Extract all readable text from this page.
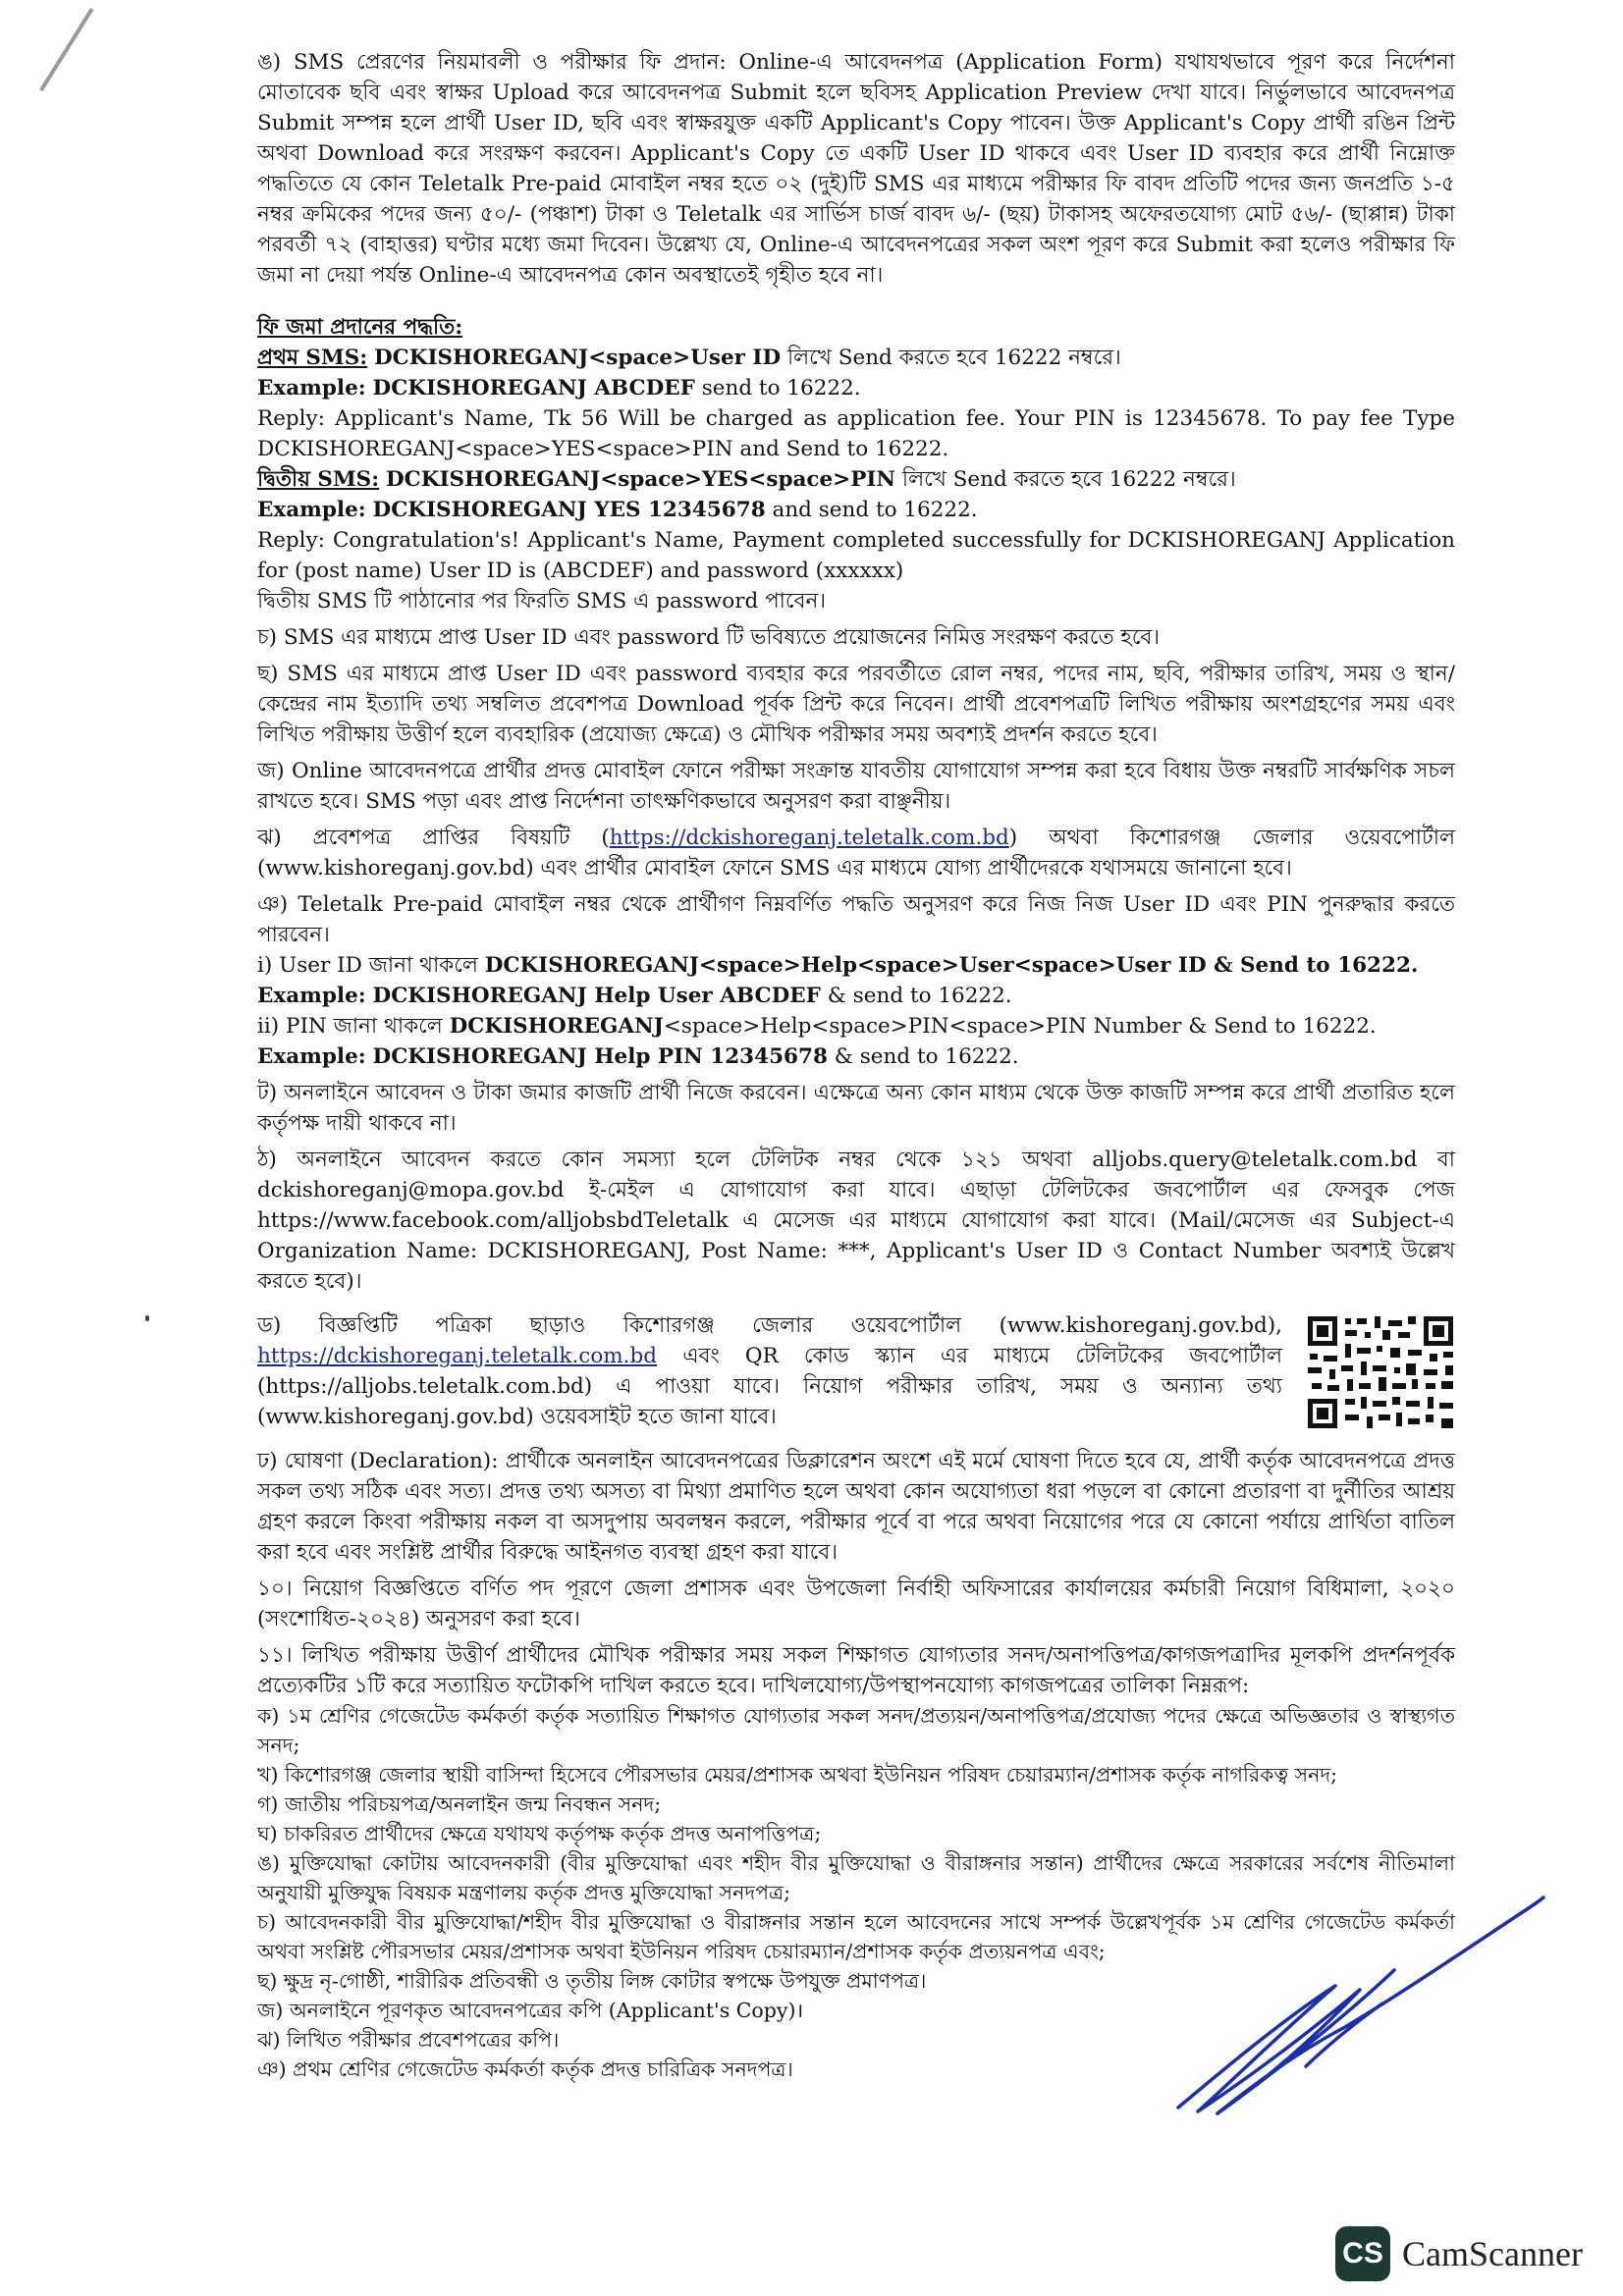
ঙ) SMS প্রেরণের নিয়মাবলী ও পরীক্ষার ফি প্রদান: Online-এ আবেদনপত্র (Application Form) যথাযথভাবে পূরণ করে নির্দেশনা মোতাবেক ছবি এবং স্বাক্ষর Upload করে আবেদনপত্র Submit হলে ছবিসহ Application Preview দেখা যাবে। নির্ভুলভাবে আবেদনপত্র Submit সম্পন্ন হলে প্রার্থী User ID, ছবি এবং স্বাক্ষরযুক্ত একটি Applicant's Copy পাবেন। উক্ত Applicant's Copy প্রার্থী রঙিন প্রিন্ট অথবা Download করে সংরক্ষণ করবেন। Applicant's Copy তে একটি User ID থাকবে এবং User ID ব্যবহার করে প্রার্থী নিম্নোক্ত পদ্ধতিতে যে কোন Teletalk Pre-paid মোবাইল নম্বর হতে ০২ (দুই)টি SMS এর মাধ্যমে পরীক্ষার ফি বাবদ প্রতিটি পদের জন্য জনপ্রতি ১-৫ নম্বর ক্রমিকের পদের জন্য ৫০/- (পঞ্চাশ) টাকা ও Teletalk এর সার্ভিস চার্জ বাবদ ৬/- (ছয়) টাকাসহ অফেরতযোগ্য মোট ৫৬/- (ছাপ্পান্ন) টাকা পরবর্তী ৭২ (বাহাত্তর) ঘণ্টার মধ্যে জমা দিবেন। উল্লেখ্য যে, Online-এ আবেদনপত্রের সকল অংশ পূরণ করে Submit করা হলেও পরীক্ষার ফি জমা না দেয়া পর্যন্ত Online-এ আবেদনপত্র কোন অবস্থাতেই গৃহীত হবে না।

ফি জমা প্রদানের পদ্ধতি:

প্রথম SMS: DCKISHOREGANJ<space>User ID লিখে Send করতে হবে 16222 নম্বরে।

Example: DCKISHOREGANJ ABCDEF send to 16222.

Reply: Applicant's Name, Tk 56 Will be charged as application fee. Your PIN is 12345678. To pay fee Type DCKISHOREGANJ<space>YES<space>PIN and Send to 16222.

দ্বিতীয় SMS: DCKISHOREGANJ<space>YES<space>PIN লিখে Send করতে হবে 16222 নম্বরে।

Example: DCKISHOREGANJ YES 12345678 and send to 16222.

Reply: Congratulation's! Applicant's Name, Payment completed successfully for DCKISHOREGANJ Application for (post name) User ID is (ABCDEF) and password (xxxxxx)

দ্বিতীয় SMS টি পাঠানোর পর ফিরতি SMS এ password পাবেন।

চ) SMS এর মাধ্যমে প্রাপ্ত User ID এবং password টি ভবিষ্যতে প্রয়োজনের নিমিত্ত সংরক্ষণ করতে হবে।

ছ) SMS এর মাধ্যমে প্রাপ্ত User ID এবং password ব্যবহার করে পরবর্তীতে রোল নম্বর, পদের নাম, ছবি, পরীক্ষার তারিখ, সময় ও স্থান/কেন্দ্রের নাম ইত্যাদি তথ্য সম্বলিত প্রবেশপত্র Download পূর্বক প্রিন্ট করে নিবেন। প্রার্থী প্রবেশপত্রটি লিখিত পরীক্ষায় অংশগ্রহণের সময় এবং লিখিত পরীক্ষায় উত্তীর্ণ হলে ব্যবহারিক (প্রযোজ্য ক্ষেত্রে) ও মৌখিক পরীক্ষার সময় অবশ্যই প্রদর্শন করতে হবে।

জ) Online আবেদনপত্রে প্রার্থীর প্রদত্ত মোবাইল ফোনে পরীক্ষা সংক্রান্ত যাবতীয় যোগাযোগ সম্পন্ন করা হবে বিধায় উক্ত নম্বরটি সার্বক্ষণিক সচল রাখতে হবে। SMS পড়া এবং প্রাপ্ত নির্দেশনা তাৎক্ষণিকভাবে অনুসরণ করা বাঞ্ছনীয়।

ঝ) প্রবেশপত্র প্রাপ্তির বিষয়টি (https://dckishoreganj.teletalk.com.bd) অথবা কিশোরগঞ্জ জেলার ওয়েবপোর্টাল (www.kishoreganj.gov.bd) এবং প্রার্থীর মোবাইল ফোনে SMS এর মাধ্যমে যোগ্য প্রার্থীদেরকে যথাসময়ে জানানো হবে।

ঞ) Teletalk Pre-paid মোবাইল নম্বর থেকে প্রার্থীগণ নিম্নবর্ণিত পদ্ধতি অনুসরণ করে নিজ নিজ User ID এবং PIN পুনরুদ্ধার করতে পারবেন।

i) User ID জানা থাকলে DCKISHOREGANJ<space>Help<space>User<space>User ID & Send to 16222.

Example: DCKISHOREGANJ Help User ABCDEF & send to 16222.

ii) PIN জানা থাকলে DCKISHOREGANJ<space>Help<space>PIN<space>PIN Number & Send to 16222.

Example: DCKISHOREGANJ Help PIN 12345678 & send to 16222.

ট) অনলাইনে আবেদন ও টাকা জমার কাজটি প্রার্থী নিজে করবেন। এক্ষেত্রে অন্য কোন মাধ্যম থেকে উক্ত কাজটি সম্পন্ন করে প্রার্থী প্রতারিত হলে কর্তৃপক্ষ দায়ী থাকবে না।

ঠ) অনলাইনে আবেদন করতে কোন সমস্যা হলে টেলিটক নম্বর থেকে ১২১ অথবা alljobs.query@teletalk.com.bd বা dckishoreganj@mopa.gov.bd ই-মেইল এ যোগাযোগ করা যাবে। এছাড়া টেলিটকের জবপোর্টাল এর ফেসবুক পেজ https://www.facebook.com/alljobsbdTeletalk এ মেসেজ এর মাধ্যমে যোগাযোগ করা যাবে। (Mail/মেসেজ এর Subject-এ Organization Name: DCKISHOREGANJ, Post Name: ***, Applicant's User ID ও Contact Number অবশ্যই উল্লেখ করতে হবে)।

ড) বিজ্ঞপ্তিটি পত্রিকা ছাড়াও কিশোরগঞ্জ জেলার ওয়েবপোর্টাল (www.kishoreganj.gov.bd), https://dckishoreganj.teletalk.com.bd এবং QR কোড স্ক্যান এর মাধ্যমে টেলিটকের জবপোর্টাল (https://alljobs.teletalk.com.bd) এ পাওয়া যাবে। নিয়োগ পরীক্ষার তারিখ, সময় ও অন্যান্য তথ্য (www.kishoreganj.gov.bd) ওয়েবসাইট হতে জানা যাবে।

ঢ) ঘোষণা (Declaration): প্রার্থীকে অনলাইন আবেদনপত্রের ডিক্লারেশন অংশে এই মর্মে ঘোষণা দিতে হবে যে, প্রার্থী কর্তৃক আবেদনপত্রে প্রদত্ত সকল তথ্য সঠিক এবং সত্য। প্রদত্ত তথ্য অসত্য বা মিথ্যা প্রমাণিত হলে অথবা কোন অযোগ্যতা ধরা পড়লে বা কোনো প্রতারণা বা দুর্নীতির আশ্রয় গ্রহণ করলে কিংবা পরীক্ষায় নকল বা অসদুপায় অবলম্বন করলে, পরীক্ষার পূর্বে বা পরে অথবা নিয়োগের পরে যে কোনো পর্যায়ে প্রার্থিতা বাতিল করা হবে এবং সংশ্লিষ্ট প্রার্থীর বিরুদ্ধে আইনগত ব্যবস্থা গ্রহণ করা যাবে।

১০। নিয়োগ বিজ্ঞপ্তিতে বর্ণিত পদ পূরণে জেলা প্রশাসক এবং উপজেলা নির্বাহী অফিসারের কার্যালয়ের কর্মচারী নিয়োগ বিধিমালা, ২০২০ (সংশোধিত-২০২৪) অনুসরণ করা হবে।

১১। লিখিত পরীক্ষায় উত্তীর্ণ প্রার্থীদের মৌখিক পরীক্ষার সময় সকল শিক্ষাগত যোগ্যতার সনদ/অনাপত্তিপত্র/কাগজপত্রাদির মূলকপি প্রদর্শনপূর্বক প্রত্যেকটির ১টি করে সত্যায়িত ফটোকপি দাখিল করতে হবে। দাখিলযোগ্য/উপস্থাপনযোগ্য কাগজপত্রের তালিকা নিম্নরূপ:

ক) ১ম শ্রেণির গেজেটেড কর্মকর্তা কর্তৃক সত্যায়িত শিক্ষাগত যোগ্যতার সকল সনদ/প্রত্যয়ন/অনাপত্তিপত্র/প্রযোজ্য পদের ক্ষেত্রে অভিজ্ঞতার ও স্বাস্থ্যগত সনদ;

খ) কিশোরগঞ্জ জেলার স্থায়ী বাসিন্দা হিসেবে পৌরসভার মেয়র/প্রশাসক অথবা ইউনিয়ন পরিষদ চেয়ারম্যান/প্রশাসক কর্তৃক নাগরিকত্ব সনদ;

গ) জাতীয় পরিচয়পত্র/অনলাইন জন্ম নিবন্ধন সনদ;

ঘ) চাকরিরত প্রার্থীদের ক্ষেত্রে যথাযথ কর্তৃপক্ষ কর্তৃক প্রদত্ত অনাপত্তিপত্র;

ঙ) মুক্তিযোদ্ধা কোটায় আবেদনকারী (বীর মুক্তিযোদ্ধা এবং শহীদ বীর মুক্তিযোদ্ধা ও বীরাঙ্গনার সন্তান) প্রার্থীদের ক্ষেত্রে সরকারের সর্বশেষ নীতিমালা অনুযায়ী মুক্তিযুদ্ধ বিষয়ক মন্ত্রণালয় কর্তৃক প্রদত্ত মুক্তিযোদ্ধা সনদপত্র;

চ) আবেদনকারী বীর মুক্তিযোদ্ধা/শহীদ বীর মুক্তিযোদ্ধা ও বীরাঙ্গনার সন্তান হলে আবেদনের সাথে সম্পর্ক উল্লেখপূর্বক ১ম শ্রেণির গেজেটেড কর্মকর্তা অথবা সংশ্লিষ্ট পৌরসভার মেয়র/প্রশাসক অথবা ইউনিয়ন পরিষদ চেয়ারম্যান/প্রশাসক কর্তৃক প্রত্যয়নপত্র এবং;

ছ) ক্ষুদ্র নৃ-গোষ্ঠী, শারীরিক প্রতিবন্ধী ও তৃতীয় লিঙ্গ কোটার স্বপক্ষে উপযুক্ত প্রমাণপত্র।

জ) অনলাইনে পূরণকৃত আবেদনপত্রের কপি (Applicant's Copy)।

ঝ) লিখিত পরীক্ষার প্রবেশপত্রের কপি।

ঞ) প্রথম শ্রেণির গেজেটেড কর্মকর্তা কর্তৃক প্রদত্ত চারিত্রিক সনদপত্র।

CS CamScanner
